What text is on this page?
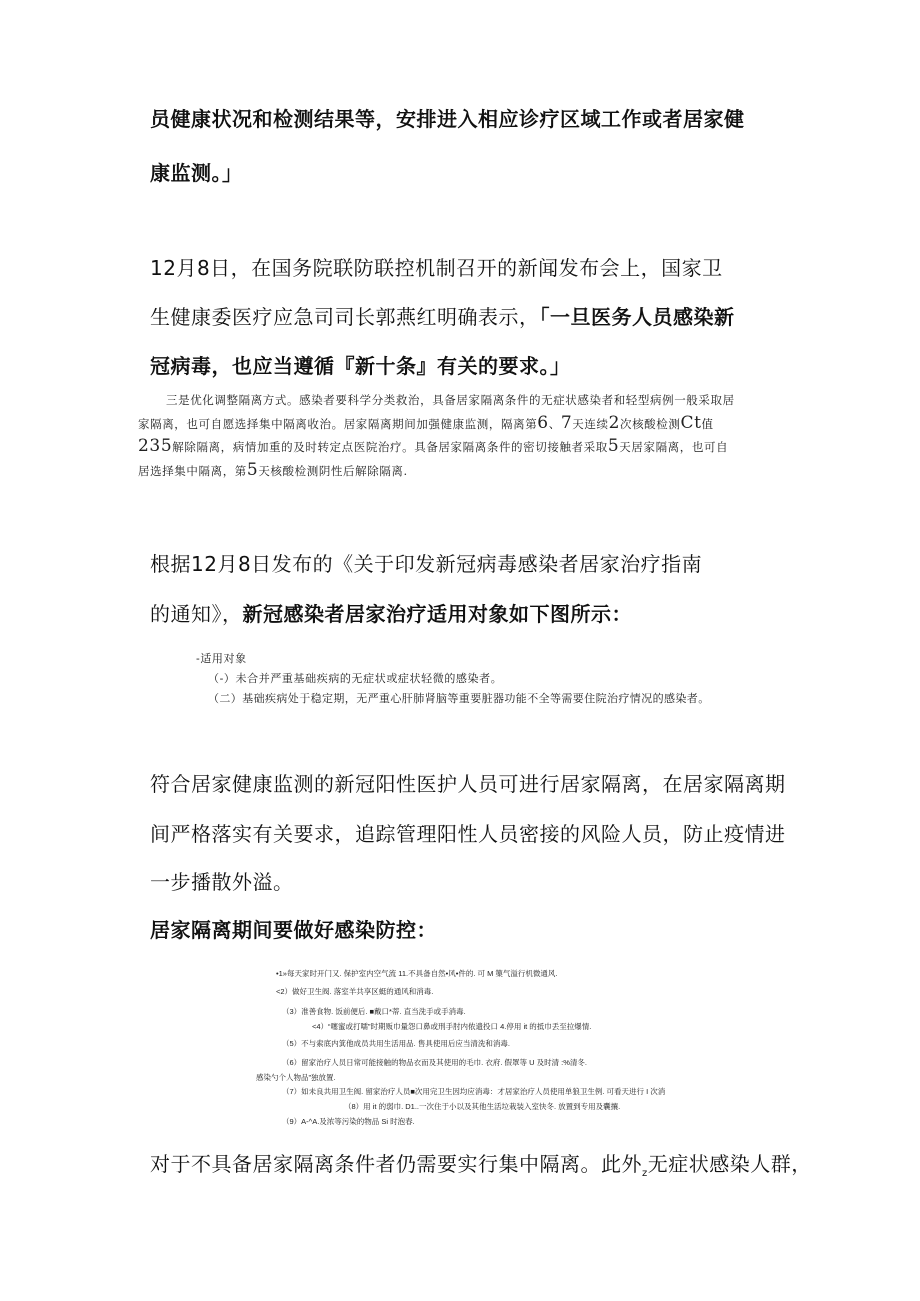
员健康状况和检测结果等，安排进入相应诊疗区域工作或者居家健
康监测。」
12月8日，在国务院联防联控机制召开的新闻发布会上，国家卫
生健康委医疗应急司司长郭燕红明确表示，「一旦医务人员感染新
冠病毒，也应当遵循『新十条』有关的要求。」
三是优化调整隔离方式。感染者要科学分类救治，具备居家隔离条件的无症状感染者和轻型病例一般采取居
家隔离，也可自愿选择集中隔离收治。居家隔离期间加强健康监测，隔离第6、7天连续2次核酸检测Ct值
235解除隔离，病情加重的及时转定点医院治疗。具备居家隔离条件的密切接触者采取5天居家隔离，也可自
居选择集中隔离，第5天核酸检测阴性后解除隔离.
根据12月8日发布的《关于印发新冠病毒感染者居家治疗指南
的通知》，新冠感染者居家治疗适用对象如下图所示：
-适用对象
（-）未合并严重基础疾病的无症状或症状轻微的感染者。
（二）基础疾病处于稳定期，无严重心肝肺肾脑等重要脏器功能不全等需要住院治疗情况的感染者。
符合居家健康监测的新冠阳性医护人员可进行居家隔离，在居家隔离期
间严格落实有关要求，追踪管理阳性人员密接的风险人员，防止疫情进
一步播散外溢。
居家隔离期间要做好感染防控：
•1»每天家时开门又. 保护室内空气流 11.不具备自然•风•件的. 可 M 篥气溢行机微通风.
<2）做好卫生阀. 落室羊共享区蜓的通风和消毒.
（3）准善食物. 饭前便后. ■戴口*蒂. 直当洗手或手消毒.
<4）“噻蜜或打嚅”时期贩巾量怨口鼻或刑手肘内侬遗投口 4.停用 it 的抵巾丢至拉爆情.
（5）不与索底内箕他成员共用生活用品. 售具使用后应当清洗和消毒.
（6）留家治疗人员日常可能接触的物品衣而及其使用的毛巾. 衣府. 假罩等 U 及时清 :%清冬.
感染勺个人物品”独放置.
（7）如未良共用卫生阀. 留家治疗人员■次用完卫生因均应消毒：才居家治疗人员使用单狼卫生例. 可看天进行 I 次消
（8）用 it 的弱巾. D1..一次住于小以及其他生活垃栽装入室快冬. 放置到专用及囊攘.
（9）A-^A.及浓等污染的物品 Si 时泡春.
对于不具备居家隔离条件者仍需要实行集中隔离。此外$_z$无症状感染人群，
